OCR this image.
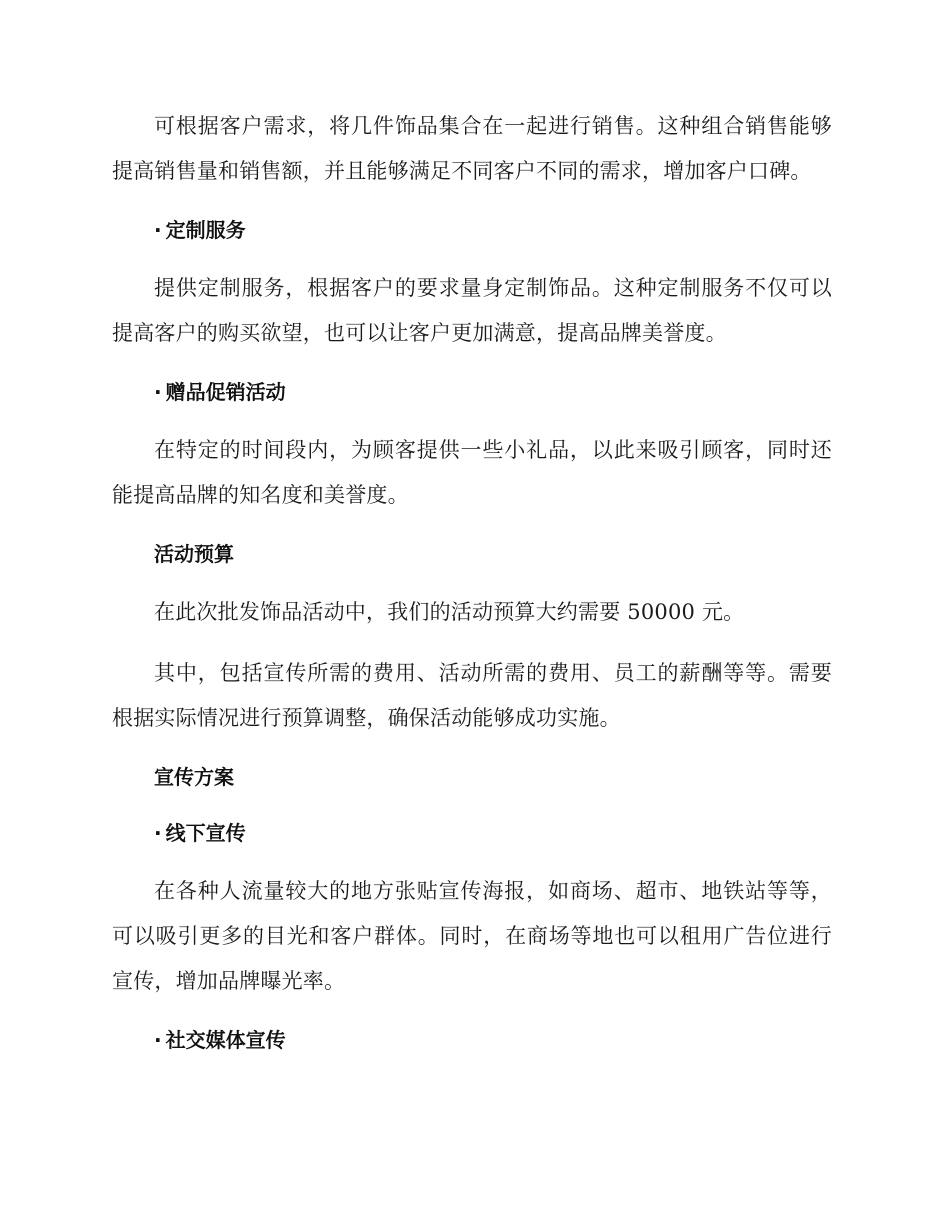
可根据客户需求，将几件饰品集合在一起进行销售。这种组合销售能够提高销售量和销售额，并且能够满足不同客户不同的需求，增加客户口碑。

· 定制服务

提供定制服务，根据客户的要求量身定制饰品。这种定制服务不仅可以提高客户的购买欲望，也可以让客户更加满意，提高品牌美誉度。

· 赠品促销活动

在特定的时间段内，为顾客提供一些小礼品，以此来吸引顾客，同时还能提高品牌的知名度和美誉度。

活动预算

在此次批发饰品活动中，我们的活动预算大约需要 50000 元。

其中，包括宣传所需的费用、活动所需的费用、员工的薪酬等等。需要根据实际情况进行预算调整，确保活动能够成功实施。

宣传方案
· 线下宣传

在各种人流量较大的地方张贴宣传海报，如商场、超市、地铁站等等，可以吸引更多的目光和客户群体。同时，在商场等地也可以租用广告位进行宣传，增加品牌曝光率。

· 社交媒体宣传
